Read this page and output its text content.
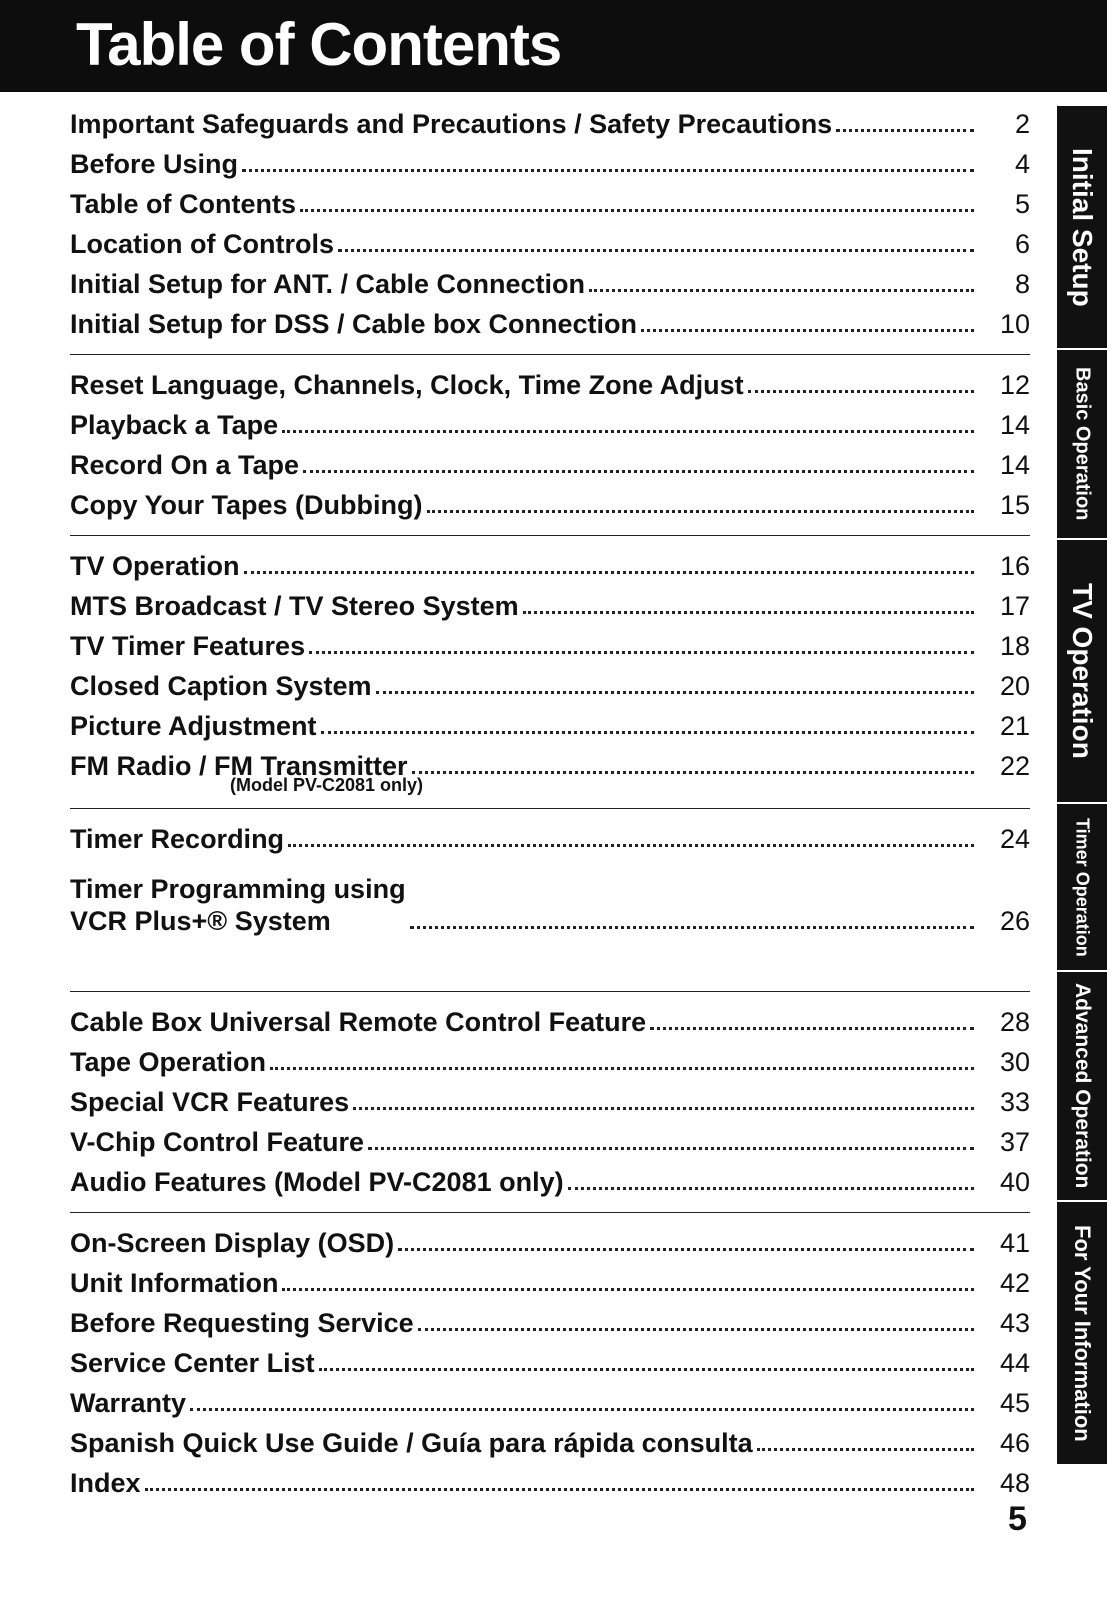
Table of Contents
Important Safeguards and Precautions / Safety Precautions	2
Before Using	4
Table of Contents	5
Location of Controls	6
Initial Setup for ANT. / Cable Connection	8
Initial Setup for DSS / Cable box Connection	10
Reset Language, Channels, Clock, Time Zone Adjust	12
Playback a Tape	14
Record On a Tape	14
Copy Your Tapes (Dubbing)	15
TV Operation	16
MTS Broadcast / TV Stereo System	17
TV Timer Features	18
Closed Caption System	20
Picture Adjustment	21
FM Radio / FM Transmitter	22
(Model PV-C2081 only)
Timer Recording	24
Timer Programming using
VCR Plus+® System	26
Cable Box Universal Remote Control Feature	28
Tape Operation	30
Special VCR Features	33
V-Chip Control Feature	37
Audio Features (Model PV-C2081 only)	40
On-Screen Display (OSD)	41
Unit Information	42
Before Requesting Service	43
Service Center List	44
Warranty	45
Spanish Quick Use Guide / Guía para rápida consulta	46
Index	48
Initial Setup
Basic Operation
TV Operation
Timer Operation
Advanced Operation
For Your Information
5
